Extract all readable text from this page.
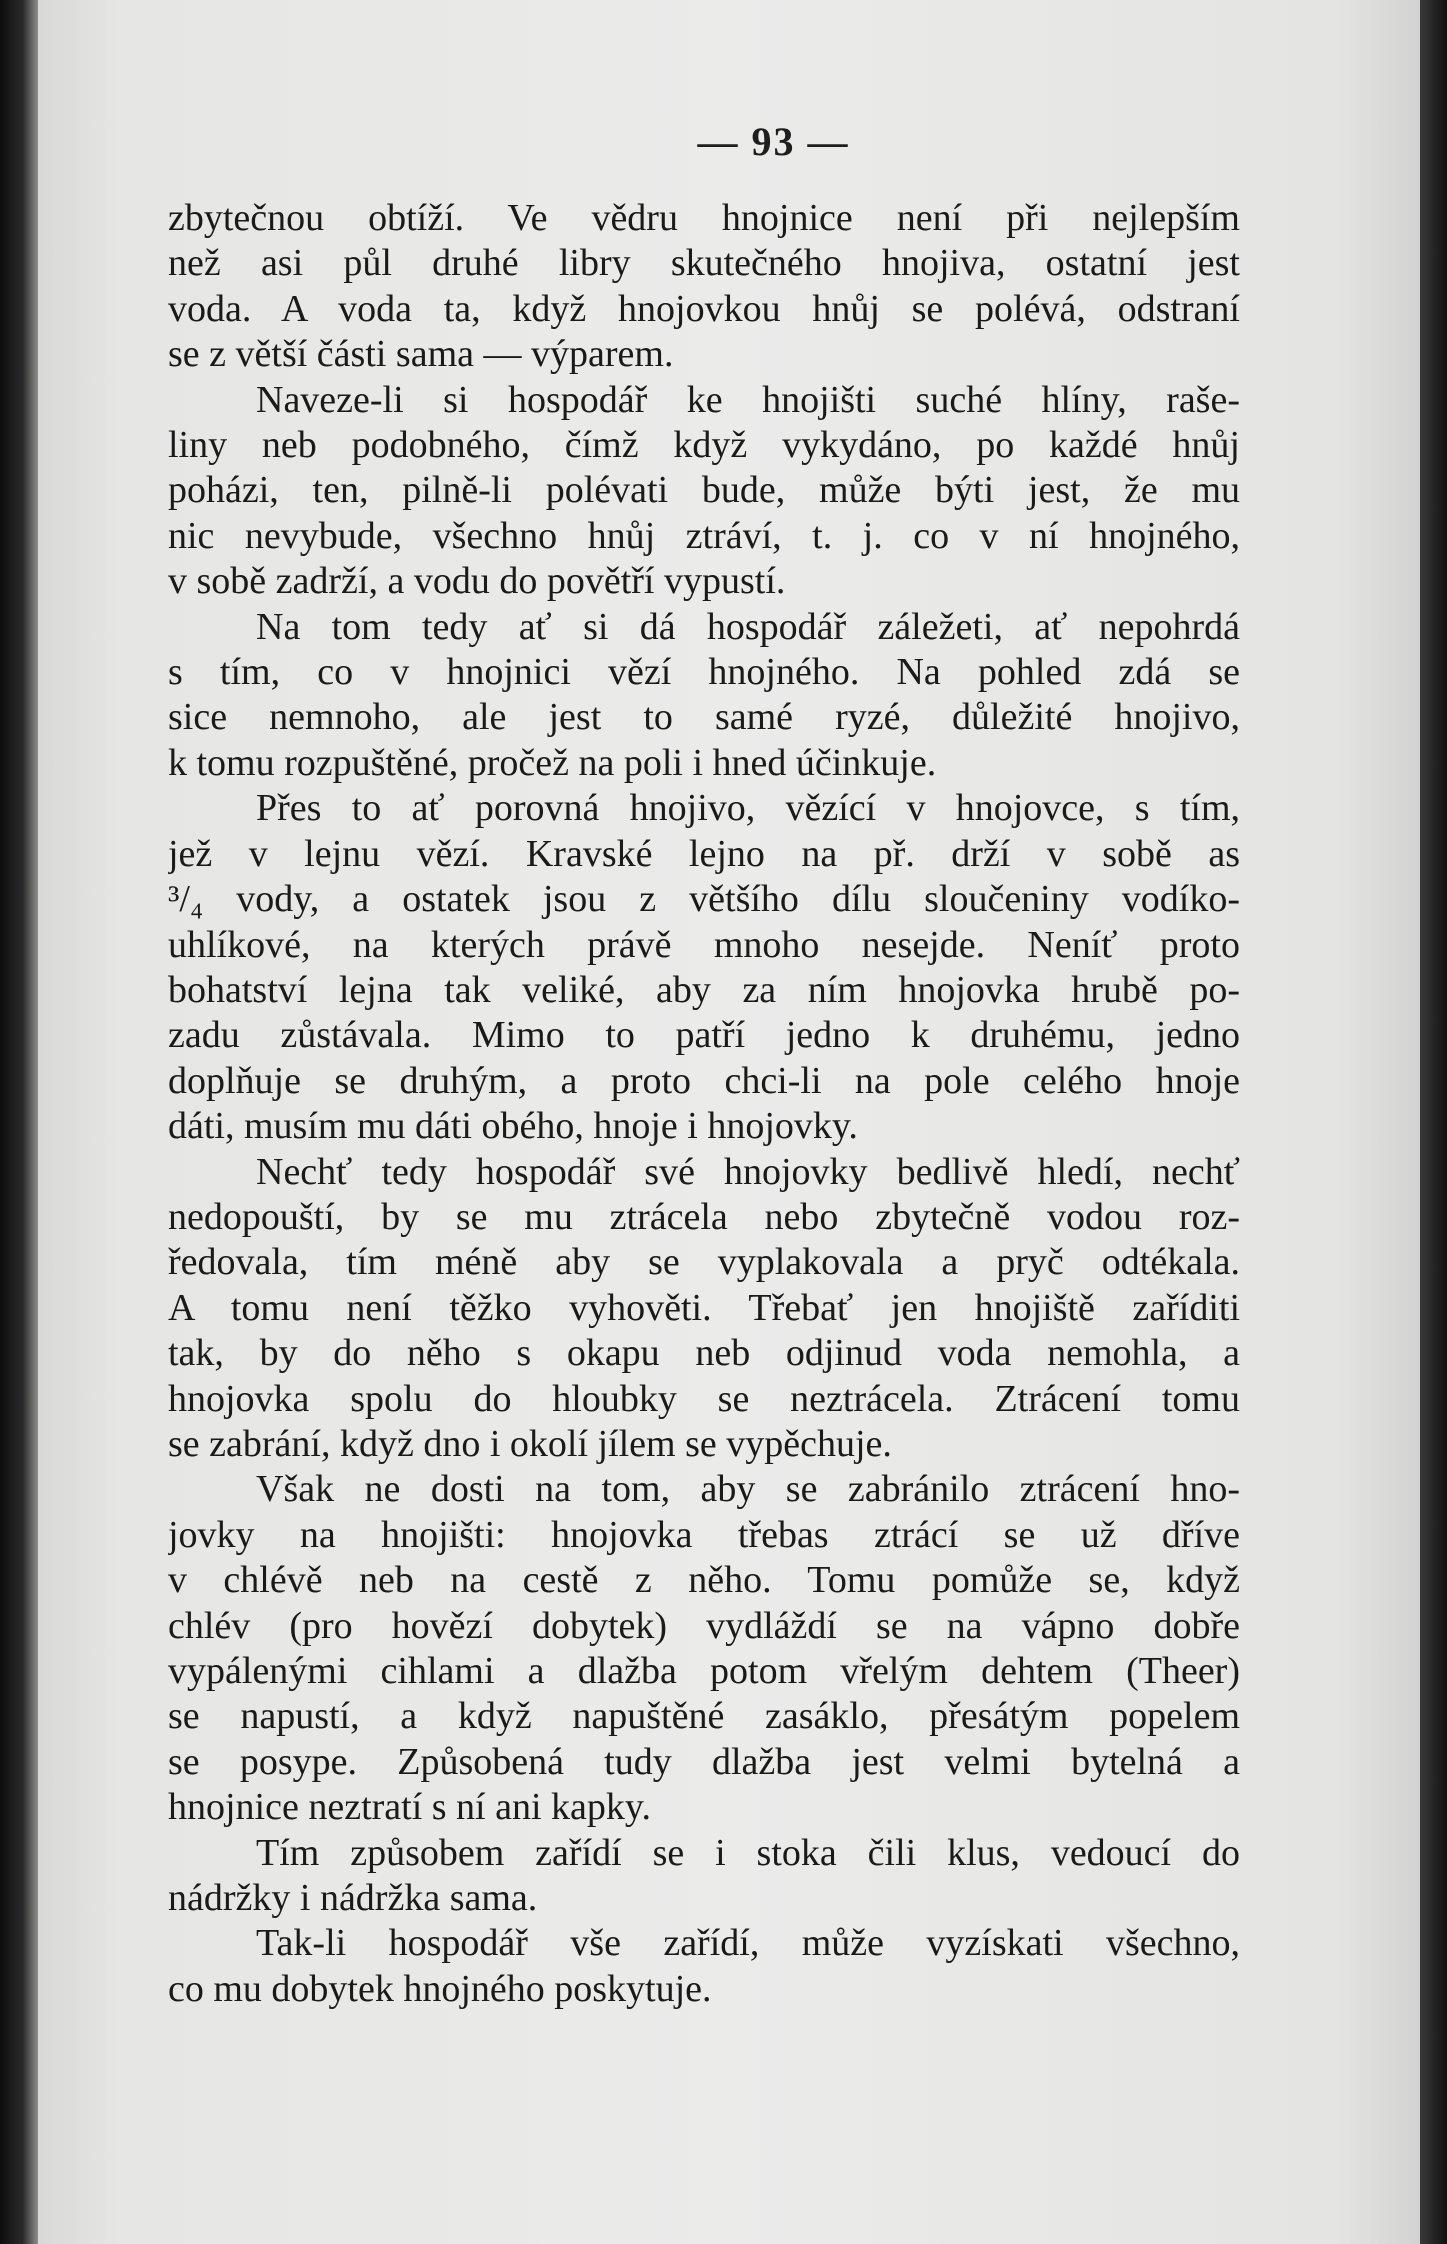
— 93 —
zbytečnou obtíží. Ve vědru hnojnice není při nejlepším
než asi půl druhé libry skutečného hnojiva, ostatní jest
voda. A voda ta, když hnojovkou hnůj se polévá, odstraní
se z větší části sama — výparem.
Naveze-li si hospodář ke hnojišti suché hlíny, raše-
liny neb podobného, čímž když vykydáno, po každé hnůj
poházi, ten, pilně-li polévati bude, může býti jest, že mu
nic nevybude, všechno hnůj ztráví, t. j. co v ní hnojného,
v sobě zadrží, a vodu do povětří vypustí.
Na tom tedy ať si dá hospodář záležeti, ať nepohrdá
s tím, co v hnojnici vězí hnojného. Na pohled zdá se
sice nemnoho, ale jest to samé ryzé, důležité hnojivo,
k tomu rozpuštěné, pročež na poli i hned účinkuje.
Přes to ať porovná hnojivo, vězící v hnojovce, s tím,
jež v lejnu vězí. Kravské lejno na př. drží v sobě as
³/₄ vody, a ostatek jsou z většího dílu sloučeniny vodíko-
uhlíkové, na kterých právě mnoho nesejde. Neníť proto
bohatství lejna tak veliké, aby za ním hnojovka hrubě po-
zadu zůstávala. Mimo to patří jedno k druhému, jedno
doplňuje se druhým, a proto chci-li na pole celého hnoje
dáti, musím mu dáti obého, hnoje i hnojovky.
Nechť tedy hospodář své hnojovky bedlivě hledí, nechť
nedopouští, by se mu ztrácela nebo zbytečně vodou roz-
ředovala, tím méně aby se vyplakovala a pryč odtékala.
A tomu není těžko vyhověti. Třebať jen hnojiště zaříditi
tak, by do něho s okapu neb odjinud voda nemohla, a
hnojovka spolu do hloubky se neztrácela. Ztrácení tomu
se zabrání, když dno i okolí jílem se vypěchuje.
Však ne dosti na tom, aby se zabránilo ztrácení hno-
jovky na hnojišti: hnojovka třebas ztrácí se už dříve
v chlévě neb na cestě z něho. Tomu pomůže se, když
chlév (pro hovězí dobytek) vydláždí se na vápno dobře
vypálenými cihlami a dlažba potom vřelým dehtem (Theer)
se napustí, a když napuštěné zasáklo, přesátým popelem
se posype. Způsobená tudy dlažba jest velmi bytelná a
hnojnice neztratí s ní ani kapky.
Tím způsobem zařídí se i stoka čili klus, vedoucí do
nádržky i nádržka sama.
Tak-li hospodář vše zařídí, může vyzískati všechno,
co mu dobytek hnojného poskytuje.
